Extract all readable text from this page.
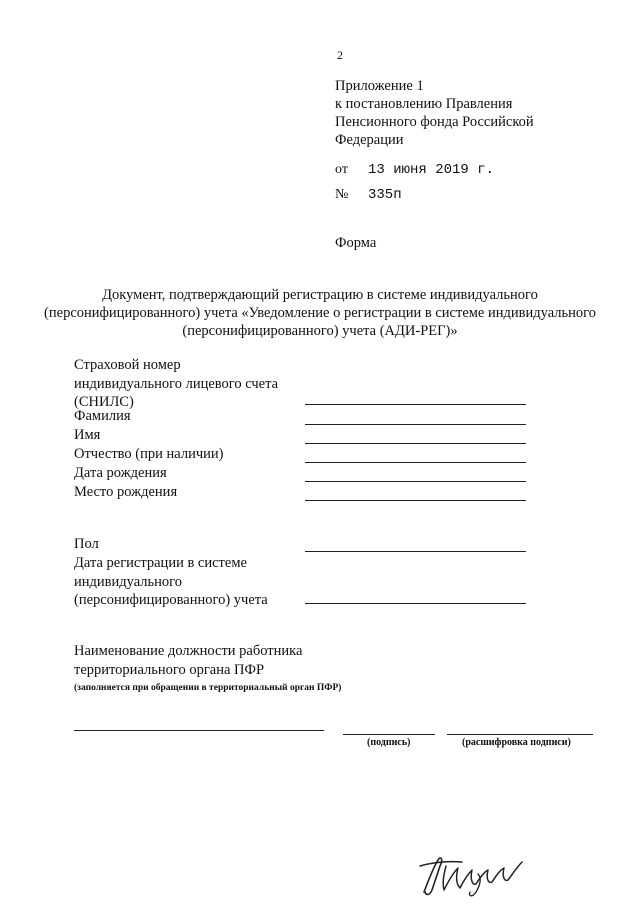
2
Приложение 1
к постановлению Правления
Пенсионного фонда Российской
Федерации
от 13 июня 2019 г.
№ 335п
Форма
Документ, подтверждающий регистрацию в системе индивидуального (персонифицированного) учета «Уведомление о регистрации в системе индивидуального (персонифицированного) учета (АДИ-РЕГ)»
Страховой номер
индивидуального лицевого счета
(СНИЛС)
Фамилия
Имя
Отчество (при наличии)
Дата рождения
Место рождения
Пол
Дата регистрации в системе
индивидуального
(персонифицированного) учета
Наименование должности работника
территориального органа ПФР
(заполняется при обращении в территориальный орган ПФР)
(подпись)	(расшифровка подписи)
